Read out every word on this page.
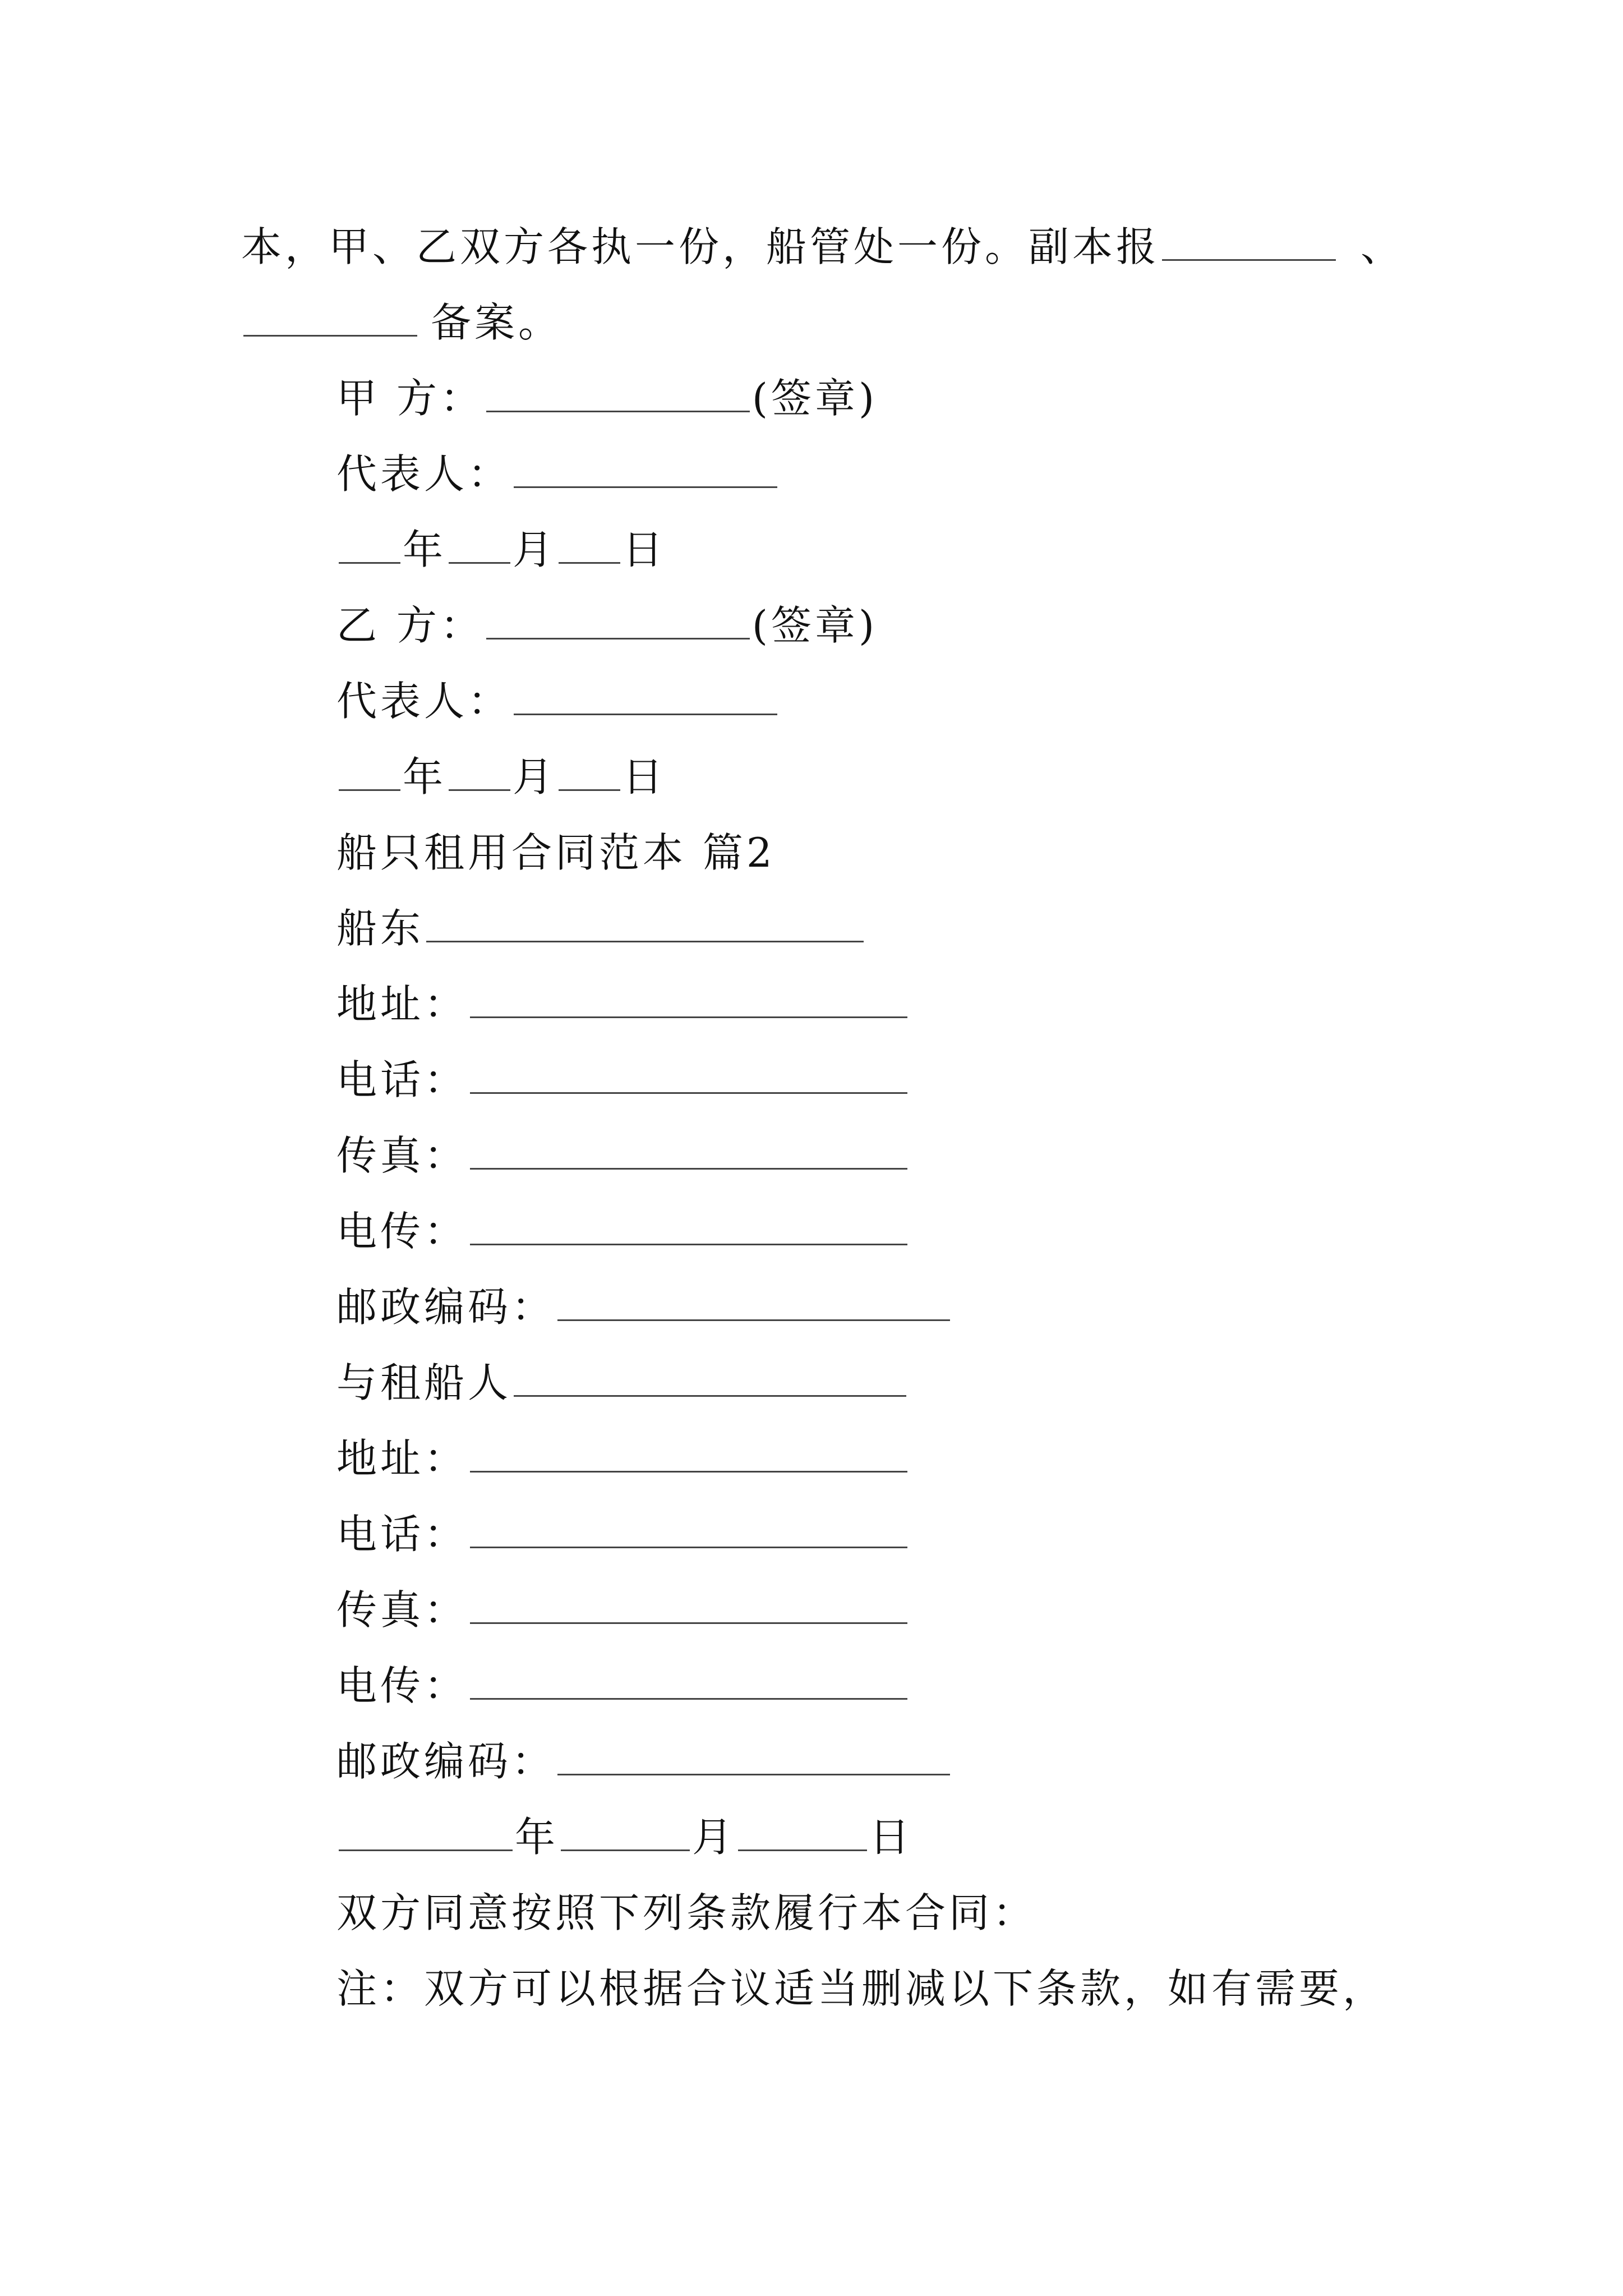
本，甲、乙双方各执一份，船管处一份。副本报	、
备案。
甲 方：	(签章)
代表人：
年 月 日
乙 方：	(签章)
代表人：
年 月 日
船只租用合同范本 篇2
船东
地址：
电话：
传真：
电传：
邮政编码：
与租船人
地址：
电话：
传真：
电传：
邮政编码：
年	月	日
双方同意按照下列条款履行本合同：
注：双方可以根据合议适当删减以下条款，如有需要，
